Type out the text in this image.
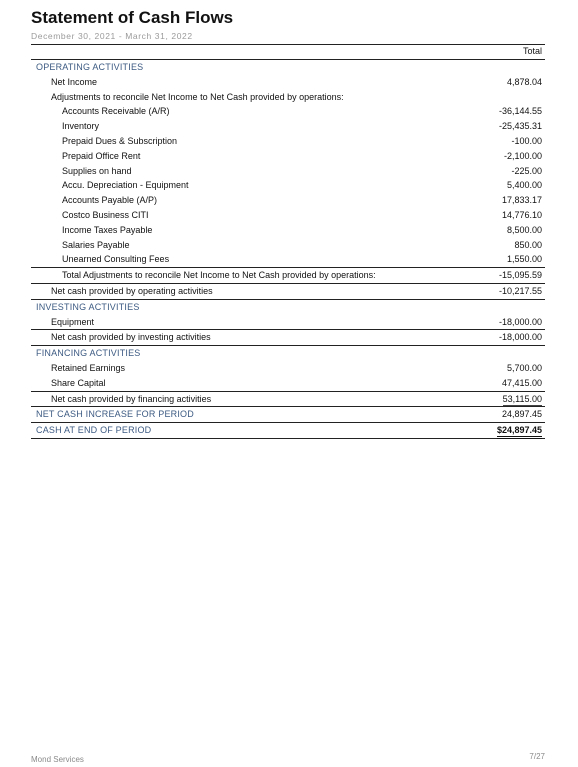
Statement of Cash Flows
December 30, 2021 - March 31, 2022
Total
OPERATING ACTIVITIES
Net Income	4,878.04
Adjustments to reconcile Net Income to Net Cash provided by operations:
Accounts Receivable (A/R)	-36,144.55
Inventory	-25,435.31
Prepaid Dues & Subscription	-100.00
Prepaid Office Rent	-2,100.00
Supplies on hand	-225.00
Accu. Depreciation - Equipment	5,400.00
Accounts Payable (A/P)	17,833.17
Costco Business CITI	14,776.10
Income Taxes Payable	8,500.00
Salaries Payable	850.00
Unearned Consulting Fees	1,550.00
Total Adjustments to reconcile Net Income to Net Cash provided by operations:	-15,095.59
Net cash provided by operating activities	-10,217.55
INVESTING ACTIVITIES
Equipment	-18,000.00
Net cash provided by investing activities	-18,000.00
FINANCING ACTIVITIES
Retained Earnings	5,700.00
Share Capital	47,415.00
Net cash provided by financing activities	53,115.00
NET CASH INCREASE FOR PERIOD	24,897.45
CASH AT END OF PERIOD	$24,897.45
Mond Services	7/27
